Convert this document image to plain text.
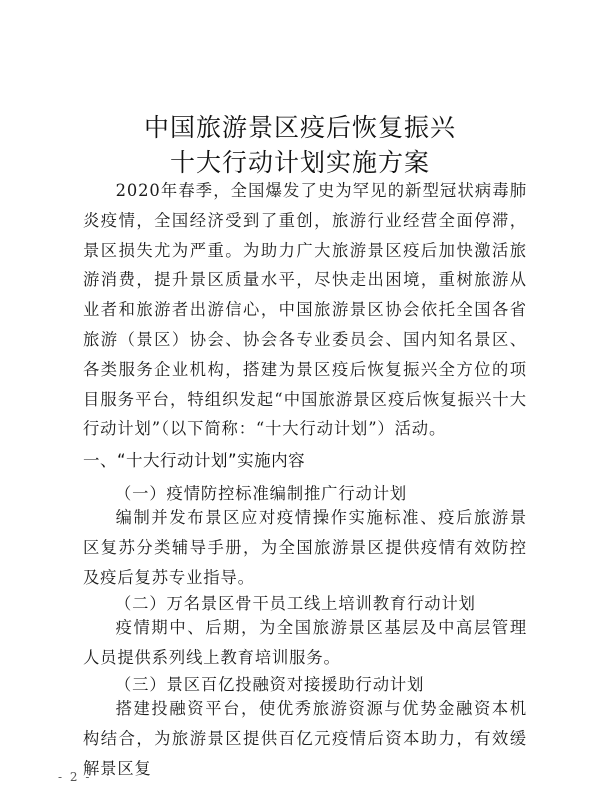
中国旅游景区疫后恢复振兴
十大行动计划实施方案

2020年春季，全国爆发了史为罕见的新型冠状病毒肺炎疫情，全国经济受到了重创，旅游行业经营全面停滞，景区损失尤为严重。为助力广大旅游景区疫后加快激活旅游消费，提升景区质量水平，尽快走出困境，重树旅游从业者和旅游者出游信心，中国旅游景区协会依托全国各省旅游（景区）协会、协会各专业委员会、国内知名景区、各类服务企业机构，搭建为景区疫后恢复振兴全方位的项目服务平台，特组织发起“中国旅游景区疫后恢复振兴十大行动计划”（以下简称：“十大行动计划”）活动。

一、“十大行动计划”实施内容
（一）疫情防控标准编制推广行动计划

编制并发布景区应对疫情操作实施标准、疫后旅游景区复苏分类辅导手册，为全国旅游景区提供疫情有效防控及疫后复苏专业指导。

（二）万名景区骨干员工线上培训教育行动计划

疫情期中、后期，为全国旅游景区基层及中高层管理人员提供系列线上教育培训服务。

（三）景区百亿投融资对接援助行动计划

搭建投融资平台，使优秀旅游资源与优势金融资本机构结合，为旅游景区提供百亿元疫情后资本助力，有效缓解景区复

- 2 -
